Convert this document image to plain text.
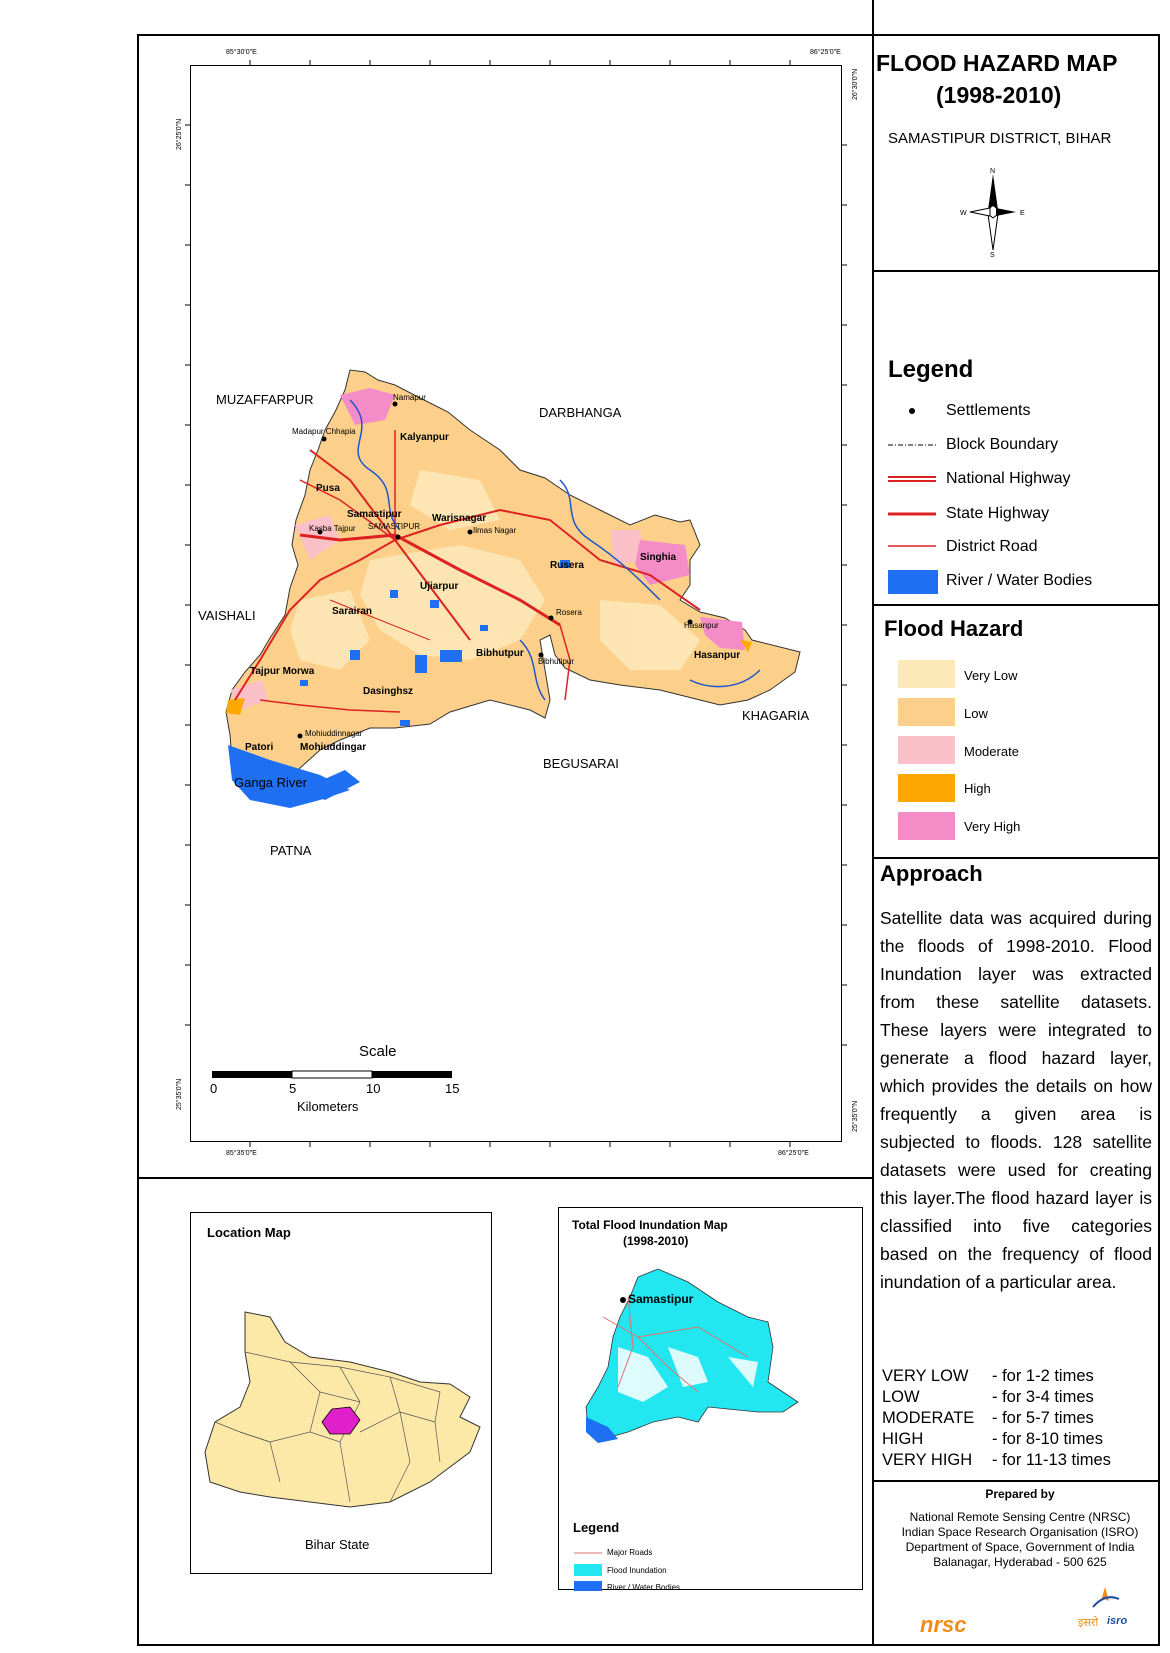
85°30'0"E	86°25'0"E
85°35'0"E	86°25'0"E
26°25'0"N
25°35'0"N
26°30'0"N
25°35'0"N
MUZAFFARPUR
DARBHANGA
VAISHALI
KHAGARIA
BEGUSARAI
PATNA
Kalyanpur
Pusa
Samastipur	Warisnagar
Rusera
Singhia
Ujiarpur
Sarairan
Bibhutpur	Hasanpur
Tajpur Morwa
Dasinghsz
Patori	Mohiuddingar
Ganga River
Namapur
Madapur Chhapia
Kasba Tajpur SAMASTIPUR	Ilmas Nagar
Rosera
Bibhutipur
Hasanpur
Mohiuddinnagar
Scale
0	5	10	15
Kilometers
FLOOD HAZARD MAP
(1998-2010)
SAMASTIPUR DISTRICT, BIHAR
N
S
W	E
Legend
Settlements
Block Boundary
National Highway
State Highway
District Road
River / Water Bodies
Flood Hazard
Very Low
Low
Moderate
High
Very High
Approach
Satellite data was acquired during the floods of 1998-2010. Flood Inundation layer was extracted from these satellite datasets. These layers were integrated to generate a flood hazard layer, which provides the details on how frequently a given area is subjected to floods. 128 satellite datasets were used for creating this layer.The flood hazard layer is classified into five categories based on the frequency of flood inundation of a particular area.
VERY LOW - for 1-2 times
LOW	- for 3-4 times
MODERATE - for 5-7 times
HIGH	- for 8-10 times
VERY HIGH - for 11-13 times
Prepared by
National Remote Sensing Centre (NRSC)
Indian Space Research Organisation (ISRO)
Department of Space, Government of India
Balanagar, Hyderabad - 500 625
nrsc	इसरो isro
Location Map
Bihar State
Total Flood Inundation Map
(1998-2010)
Samastipur
Legend
Major Roads
Flood Inundation
River / Water Bodies
